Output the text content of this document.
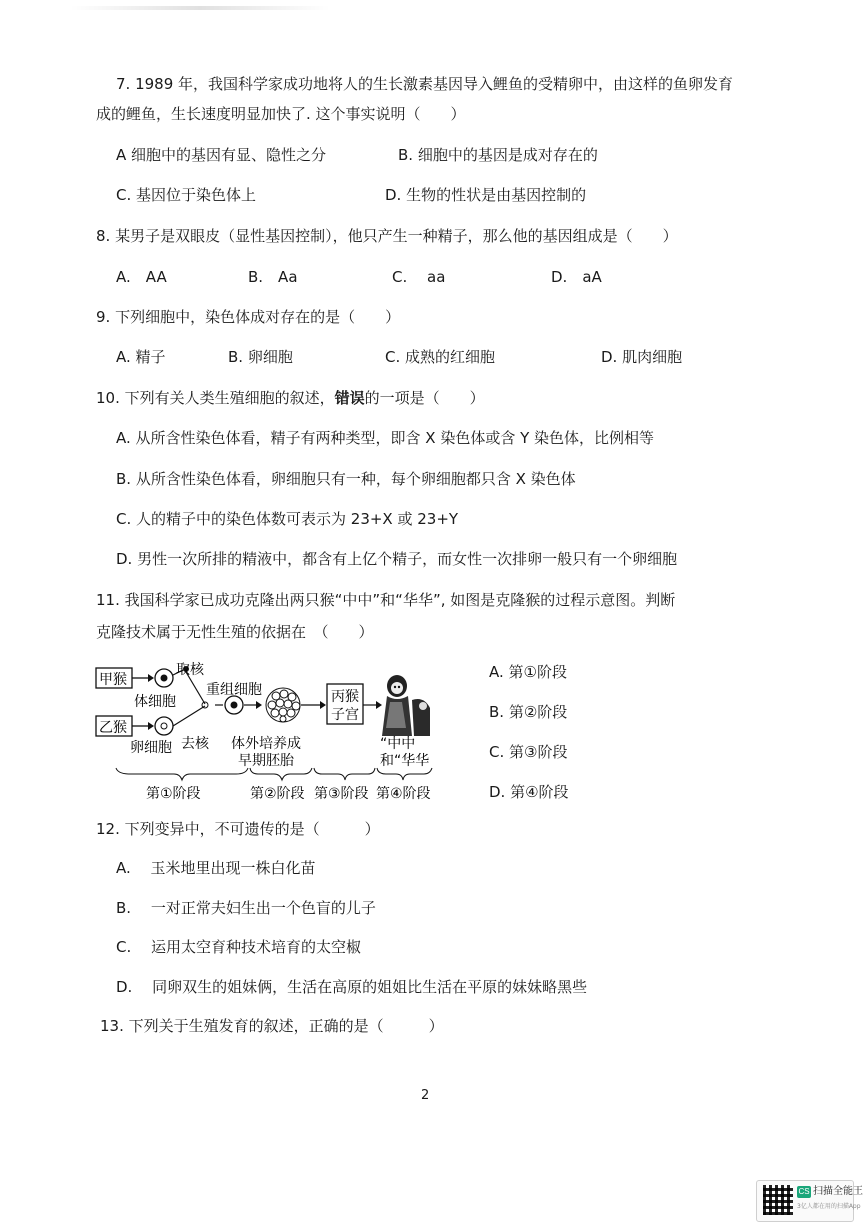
7. 1989 年，我国科学家成功地将人的生长激素基因导入鲤鱼的受精卵中，由这样的鱼卵发育
成的鲤鱼，生长速度明显加快了. 这个事实说明（　　）
A 细胞中的基因有显、隐性之分	B. 细胞中的基因是成对存在的
C. 基因位于染色体上	D. 生物的性状是由基因控制的
8. 某男子是双眼皮（显性基因控制），他只产生一种精子，那么他的基因组成是（　　）
A.　AA	B.　Aa	C.　 aa	D.　aA
9. 下列细胞中，染色体成对存在的是（　　）
A. 精子	B. 卵细胞	C. 成熟的红细胞	D. 肌肉细胞
10. 下列有关人类生殖细胞的叙述，错误的一项是（　　）
A. 从所含性染色体看，精子有两种类型，即含 X 染色体或含 Y 染色体，比例相等
B. 从所含性染色体看，卵细胞只有一种，每个卵细胞都只含 X 染色体
C. 人的精子中的染色体数可表示为 23+X 或 23+Y
D. 男性一次所排的精液中，都含有上亿个精子，而女性一次排卵一般只有一个卵细胞
11. 我国科学家已成功克隆出两只猴“中中”和“华华”, 如图是克隆猴的过程示意图。判断
克隆技术属于无性生殖的依据在　（　　）
甲猴
体细胞
取核
乙猴
卵细胞 去核
重组细胞
体外培养成
早期胚胎
丙猴
子宫
“中中
和“华华
第①阶段	第②阶段 第③阶段 第④阶段
A. 第①阶段
B. 第②阶段
C. 第③阶段
D. 第④阶段
12. 下列变异中，不可遗传的是（　　　）
A.　 玉米地里出现一株白化苗
B.　 一对正常夫妇生出一个色盲的儿子
C.　 运用太空育种技术培育的太空椒
D.　 同卵双生的姐妹俩，生活在高原的姐姐比生活在平原的妹妹略黑些
13. 下列关于生殖发育的叙述，正确的是（　　　）
2
CS 扫描全能王
3亿人都在用的扫描App
